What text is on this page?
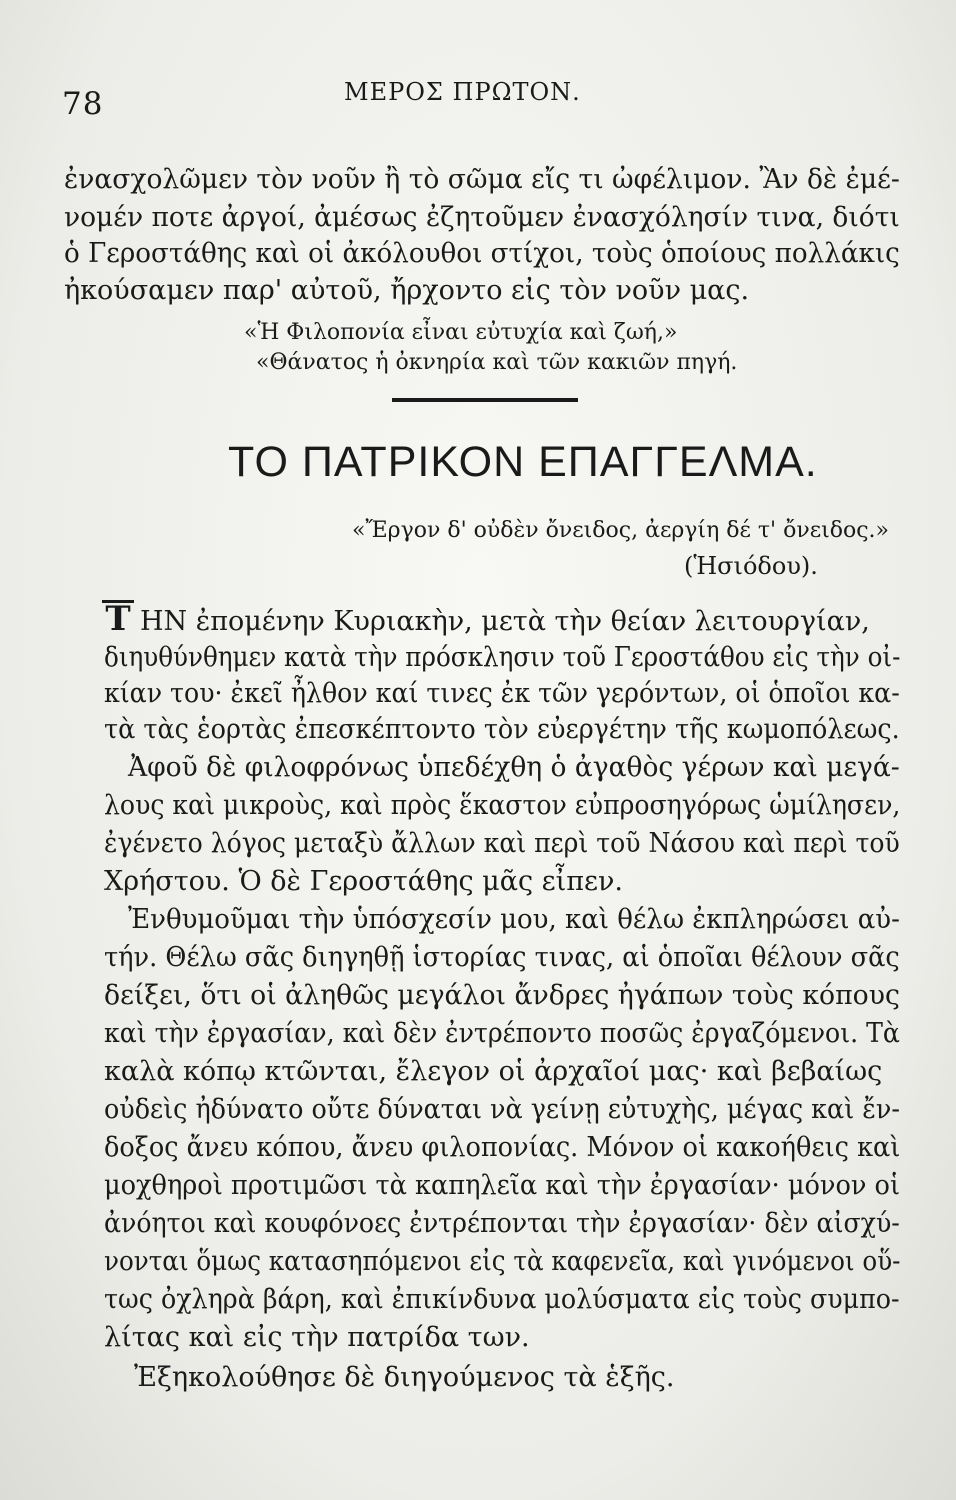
78	ΜΕΡΟΣ ΠΡΩΤΟΝ.
ἐνασχολῶμεν τὸν νοῦν ἢ τὸ σῶμα εἴς τι ὠφέλιμον. Ἂν δὲ ἐμέ-
νομέν ποτε ἀργοί, ἀμέσως ἐζητοῦμεν ἐνασχόλησίν τινα, διότι
ὁ Γεροστάθης καὶ οἱ ἀκόλουθοι στίχοι, τοὺς ὁποίους πολλάκις
ἠκούσαμεν παρ' αὐτοῦ, ἤρχοντο εἰς τὸν νοῦν μας.
«Ἡ Φιλοπονία εἶναι εὐτυχία καὶ ζωή,»
«Θάνατος ἡ ὀκνηρία καὶ τῶν κακιῶν πηγή.
ΤΟ ΠΑΤΡΙΚΟΝ ΕΠΑΓΓΕΛΜΑ.
«Ἔργον δ' οὐδὲν ὄνειδος, ἀεργίη δέ τ' ὄνειδος.»
(Ἡσιόδου).
T ΗΝ ἐπομένην Κυριακὴν, μετὰ τὴν θείαν λειτουργίαν,
διηυθύνθημεν κατὰ τὴν πρόσκλησιν τοῦ Γεροστάθου εἰς τὴν οἰ-
κίαν του· ἐκεῖ ἦλθον καί τινες ἐκ τῶν γερόντων, οἱ ὁποῖοι κα-
τὰ τὰς ἑορτὰς ἐπεσκέπτοντο τὸν εὐεργέτην τῆς κωμοπόλεως.
Ἀφοῦ δὲ φιλοφρόνως ὑπεδέχθη ὁ ἀγαθὸς γέρων καὶ μεγά-
λους καὶ μικροὺς, καὶ πρὸς ἕκαστον εὐπροσηγόρως ὡμίλησεν,
ἐγένετο λόγος μεταξὺ ἄλλων καὶ περὶ τοῦ Νάσου καὶ περὶ τοῦ
Χρήστου. Ὁ δὲ Γεροστάθης μᾶς εἶπεν.
Ἐνθυμοῦμαι τὴν ὑπόσχεσίν μου, καὶ θέλω ἐκπληρώσει αὐ-
τήν. Θέλω σᾶς διηγηθῇ ἱστορίας τινας, αἱ ὁποῖαι θέλουν σᾶς
δείξει, ὅτι οἱ ἀληθῶς μεγάλοι ἄνδρες ἠγάπων τοὺς κόπους
καὶ τὴν ἐργασίαν, καὶ δὲν ἐντρέποντο ποσῶς ἐργαζόμενοι. Τὰ
καλὰ κόπῳ κτῶνται, ἔλεγον οἱ ἀρχαῖοί μας· καὶ βεβαίως
οὐδεὶς ἠδύνατο οὔτε δύναται νὰ γείνῃ εὐτυχὴς, μέγας καὶ ἔν-
δοξος ἄνευ κόπου, ἄνευ φιλοπονίας. Μόνον οἱ κακοήθεις καὶ
μοχθηροὶ προτιμῶσι τὰ καπηλεῖα καὶ τὴν ἐργασίαν· μόνον οἱ
ἀνόητοι καὶ κουφόνοες ἐντρέπονται τὴν ἐργασίαν· δὲν αἰσχύ-
νονται ὅμως κατασηπόμενοι εἰς τὰ καφενεῖα, καὶ γινόμενοι οὕ-
τως ὀχληρὰ βάρη, καὶ ἐπικίνδυνα μολύσματα εἰς τοὺς συμπο-
λίτας καὶ εἰς τὴν πατρίδα των.
Ἐξηκολούθησε δὲ διηγούμενος τὰ ἑξῆς.
